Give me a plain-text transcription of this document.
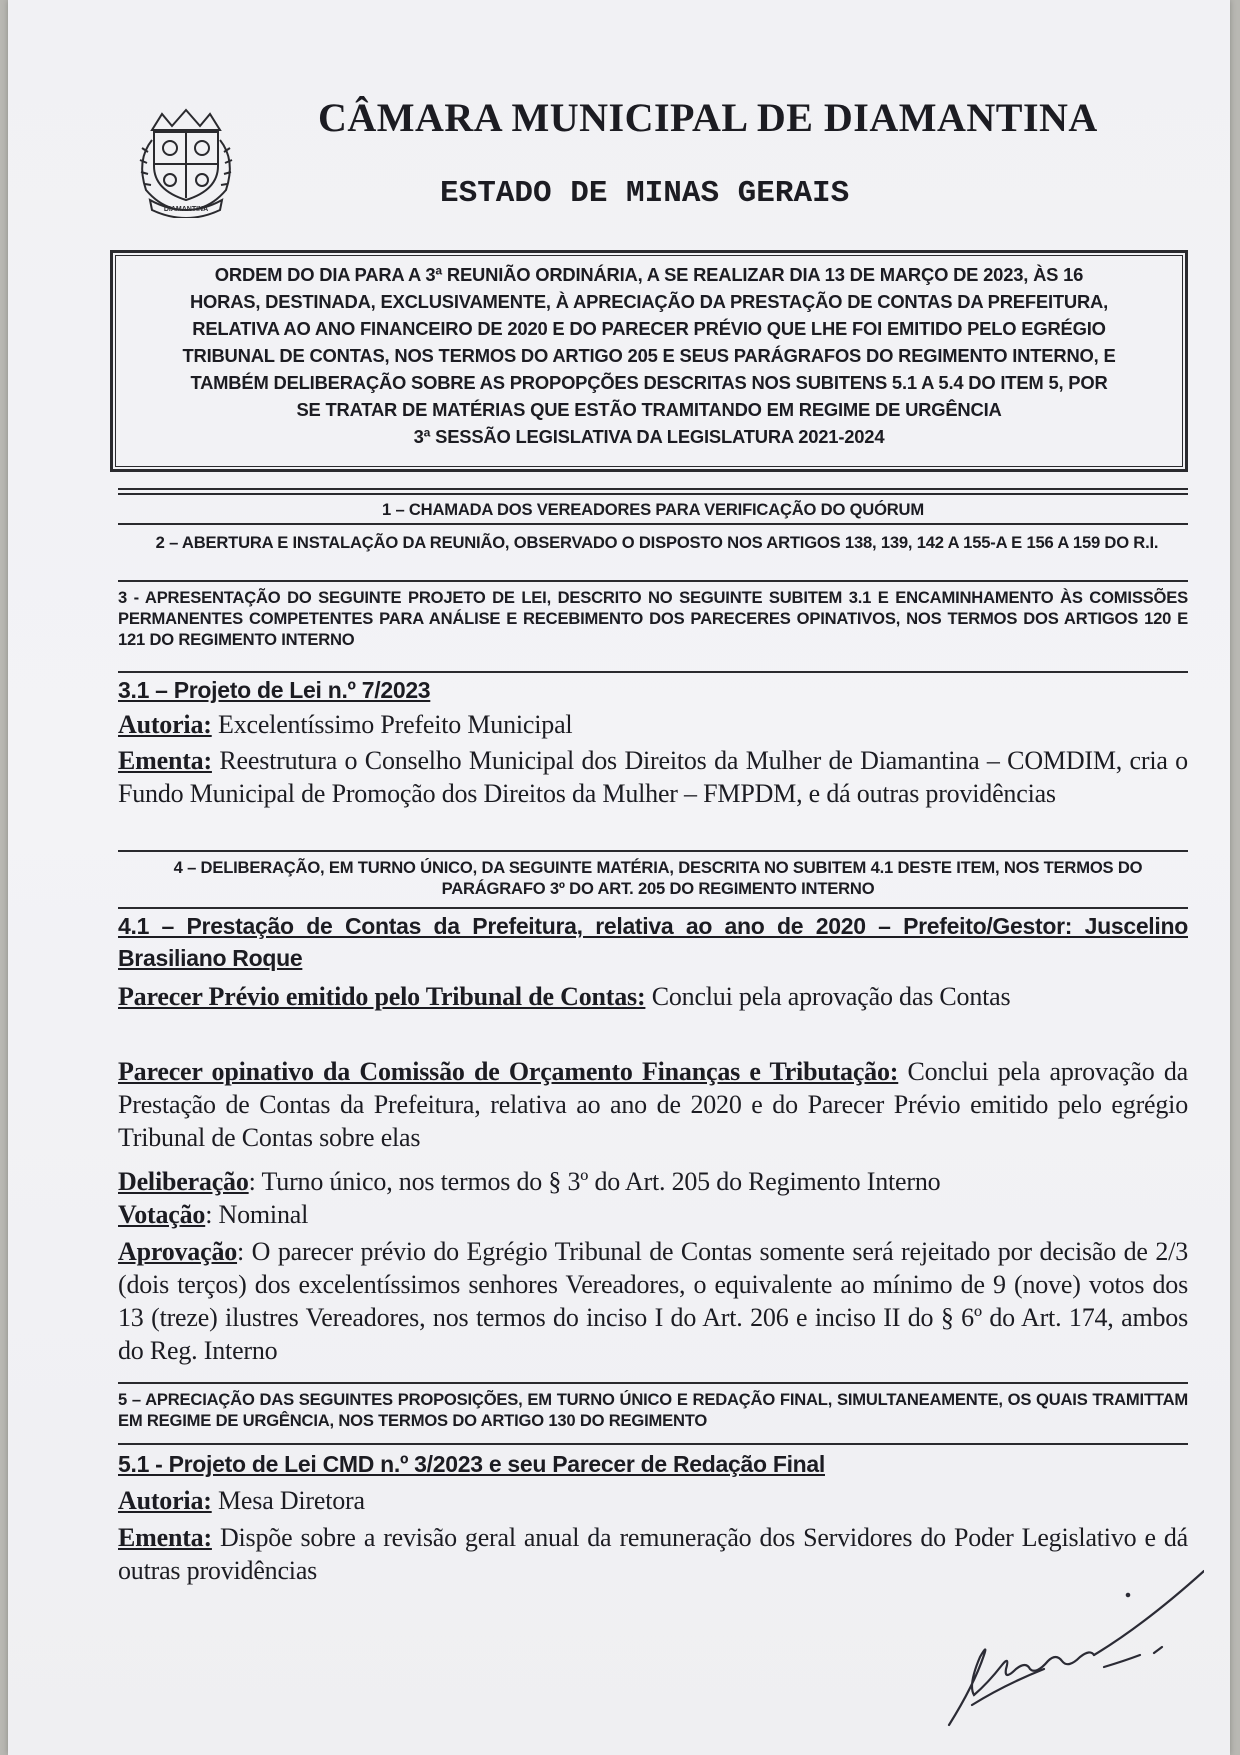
DIAMANTINA
CÂMARA MUNICIPAL DE DIAMANTINA
ESTADO DE MINAS GERAIS
ORDEM DO DIA PARA A 3ª REUNIÃO ORDINÁRIA, A SE REALIZAR DIA 13 DE MARÇO DE 2023, ÀS 16
HORAS, DESTINADA, EXCLUSIVAMENTE, À APRECIAÇÃO DA PRESTAÇÃO DE CONTAS DA PREFEITURA,
RELATIVA AO ANO FINANCEIRO DE 2020 E DO PARECER PRÉVIO QUE LHE FOI EMITIDO PELO EGRÉGIO
TRIBUNAL DE CONTAS, NOS TERMOS DO ARTIGO 205 E SEUS PARÁGRAFOS DO REGIMENTO INTERNO, E
TAMBÉM DELIBERAÇÃO SOBRE AS PROPOPÇÕES DESCRITAS NOS SUBITENS 5.1 A 5.4 DO ITEM 5, POR
SE TRATAR DE MATÉRIAS QUE ESTÃO TRAMITANDO EM REGIME DE URGÊNCIA
3ª SESSÃO LEGISLATIVA DA LEGISLATURA 2021-2024
1 – CHAMADA DOS VEREADORES PARA VERIFICAÇÃO DO QUÓRUM
2 – ABERTURA E INSTALAÇÃO DA REUNIÃO, OBSERVADO O DISPOSTO NOS ARTIGOS 138, 139, 142 A 155-A E 156 A 159 DO R.I.
3 - APRESENTAÇÃO DO SEGUINTE PROJETO DE LEI, DESCRITO NO SEGUINTE SUBITEM 3.1 E ENCAMINHAMENTO ÀS COMISSÕES PERMANENTES COMPETENTES PARA ANÁLISE E RECEBIMENTO DOS PARECERES OPINATIVOS, NOS TERMOS DOS ARTIGOS 120 E 121 DO REGIMENTO INTERNO
3.1 – Projeto de Lei n.º 7/2023
Autoria: Excelentíssimo Prefeito Municipal
Ementa: Reestrutura o Conselho Municipal dos Direitos da Mulher de Diamantina – COMDIM, cria o Fundo Municipal de Promoção dos Direitos da Mulher – FMPDM, e dá outras providências
4 – DELIBERAÇÃO, EM TURNO ÚNICO, DA SEGUINTE MATÉRIA, DESCRITA NO SUBITEM 4.1 DESTE ITEM, NOS TERMOS DO PARÁGRAFO 3º DO ART. 205 DO REGIMENTO INTERNO
4.1 – Prestação de Contas da Prefeitura, relativa ao ano de 2020 – Prefeito/Gestor: Juscelino Brasiliano Roque
Parecer Prévio emitido pelo Tribunal de Contas: Conclui pela aprovação das Contas
Parecer opinativo da Comissão de Orçamento Finanças e Tributação: Conclui pela aprovação da Prestação de Contas da Prefeitura, relativa ao ano de 2020 e do Parecer Prévio emitido pelo egrégio Tribunal de Contas sobre elas
Deliberação: Turno único, nos termos do § 3º do Art. 205 do Regimento Interno
Votação: Nominal
Aprovação: O parecer prévio do Egrégio Tribunal de Contas somente será rejeitado por decisão de 2/3 (dois terços) dos excelentíssimos senhores Vereadores, o equivalente ao mínimo de 9 (nove) votos dos 13 (treze) ilustres Vereadores, nos termos do inciso I do Art. 206 e inciso II do § 6º do Art. 174, ambos do Reg. Interno
5 – APRECIAÇÃO DAS SEGUINTES PROPOSIÇÕES, EM TURNO ÚNICO E REDAÇÃO FINAL, SIMULTANEAMENTE, OS QUAIS TRAMITTAM EM REGIME DE URGÊNCIA, NOS TERMOS DO ARTIGO 130 DO REGIMENTO
5.1 - Projeto de Lei CMD n.º 3/2023 e seu Parecer de Redação Final
Autoria: Mesa Diretora
Ementa: Dispõe sobre a revisão geral anual da remuneração dos Servidores do Poder Legislativo e dá outras providências
